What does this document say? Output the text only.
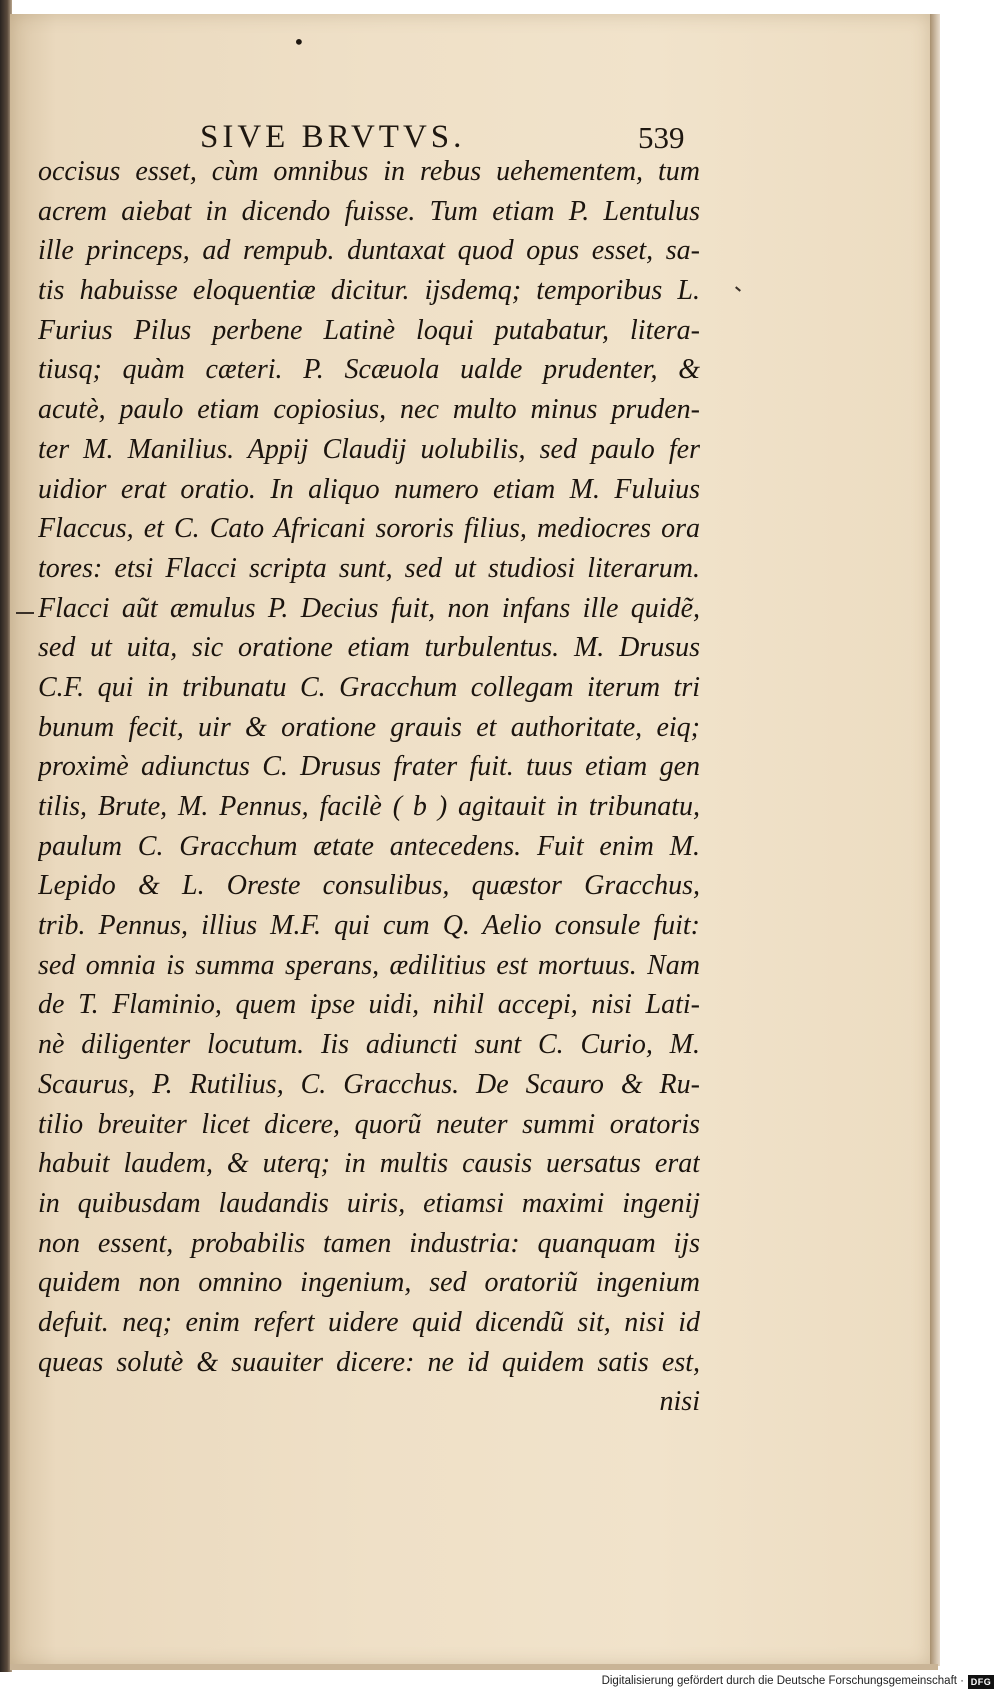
•
SIVE BRVTVS.	539
occisus esset, cùm omnibus in rebus uehementem, tum
acrem aiebat in dicendo fuisse. Tum etiam P. Lentulus
ille princeps, ad rempub. duntaxat quod opus esset, sa-
tis habuisse eloquentiæ dicitur. ijsdemq; temporibus L.
Furius Pilus perbene Latinè loqui putabatur, litera-
tiusq; quàm cæteri. P. Scæuola ualde prudenter, &
acutè, paulo etiam copiosius, nec multo minus pruden-
ter M. Manilius. Appij Claudij uolubilis, sed paulo fer
uidior erat oratio. In aliquo numero etiam M. Fuluius
Flaccus, et C. Cato Africani sororis filius, mediocres ora
tores: etsi Flacci scripta sunt, sed ut studiosi literarum.
Flacci aũt æmulus P. Decius fuit, non infans ille quidẽ,
sed ut uita, sic oratione etiam turbulentus. M. Drusus
C.F. qui in tribunatu C. Gracchum collegam iterum tri
bunum fecit, uir & oratione grauis et authoritate, eiq;
proximè adiunctus C. Drusus frater fuit. tuus etiam gen
tilis, Brute, M. Pennus, facilè ( b ) agitauit in tribunatu,
paulum C. Gracchum ætate antecedens. Fuit enim M.
Lepido & L. Oreste consulibus, quæstor Gracchus,
trib. Pennus, illius M.F. qui cum Q. Aelio consule fuit:
sed omnia is summa sperans, ædilitius est mortuus. Nam
de T. Flaminio, quem ipse uidi, nihil accepi, nisi Lati-
nè diligenter locutum. Iis adiuncti sunt C. Curio, M.
Scaurus, P. Rutilius, C. Gracchus. De Scauro & Ru-
tilio breuiter licet dicere, quorũ neuter summi oratoris
habuit laudem, & uterq; in multis causis uersatus erat
in quibusdam laudandis uiris, etiamsi maximi ingenij
non essent, probabilis tamen industria: quanquam ijs
quidem non omnino ingenium, sed oratoriũ ingenium
defuit. neq; enim refert uidere quid dicendũ sit, nisi id
queas solutè & suauiter dicere: ne id quidem satis est,
nisi
Digitalisierung gefördert durch die Deutsche Forschungsgemeinschaft · DFG
